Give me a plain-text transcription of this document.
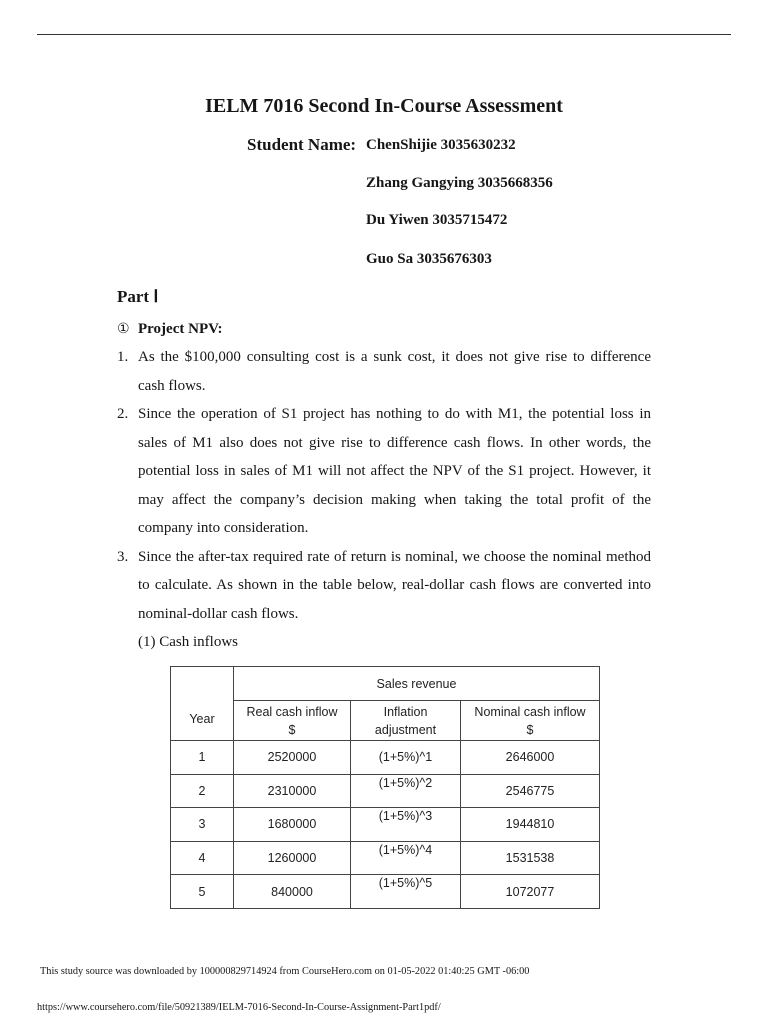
IELM 7016 Second In-Course Assessment
Student Name: ChenShijie 3035630232
Zhang Gangying 3035668356
Du Yiwen 3035715472
Guo Sa 3035676303
Part Ⅰ
① Project NPV:
1. As the $100,000 consulting cost is a sunk cost, it does not give rise to difference
cash flows.
2. Since the operation of S1 project has nothing to do with M1, the potential loss in
sales of M1 also does not give rise to difference cash flows. In other words, the
potential loss in sales of M1 will not affect the NPV of the S1 project. However, it
may affect the company’s decision making when taking the total profit of the
company into consideration.
3. Since the after-tax required rate of return is nominal, we choose the nominal method
to calculate. As shown in the table below, real-dollar cash flows are converted into
nominal-dollar cash flows.
(1) Cash inflows
Year	Sales revenue		

	Real cash inflow
$	Inflation
adjustment	Nominal cash inflow
$

1	2520000	(1+5%)^1	2646000
2	2310000	(1+5%)^2	2546775
3	1680000	(1+5%)^3	1944810
4	1260000	(1+5%)^4	1531538
5	840000	(1+5%)^5	1072077
This study source was downloaded by 100000829714924 from CourseHero.com on 01-05-2022 01:40:25 GMT -06:00
https://www.coursehero.com/file/50921389/IELM-7016-Second-In-Course-Assignment-Part1pdf/
